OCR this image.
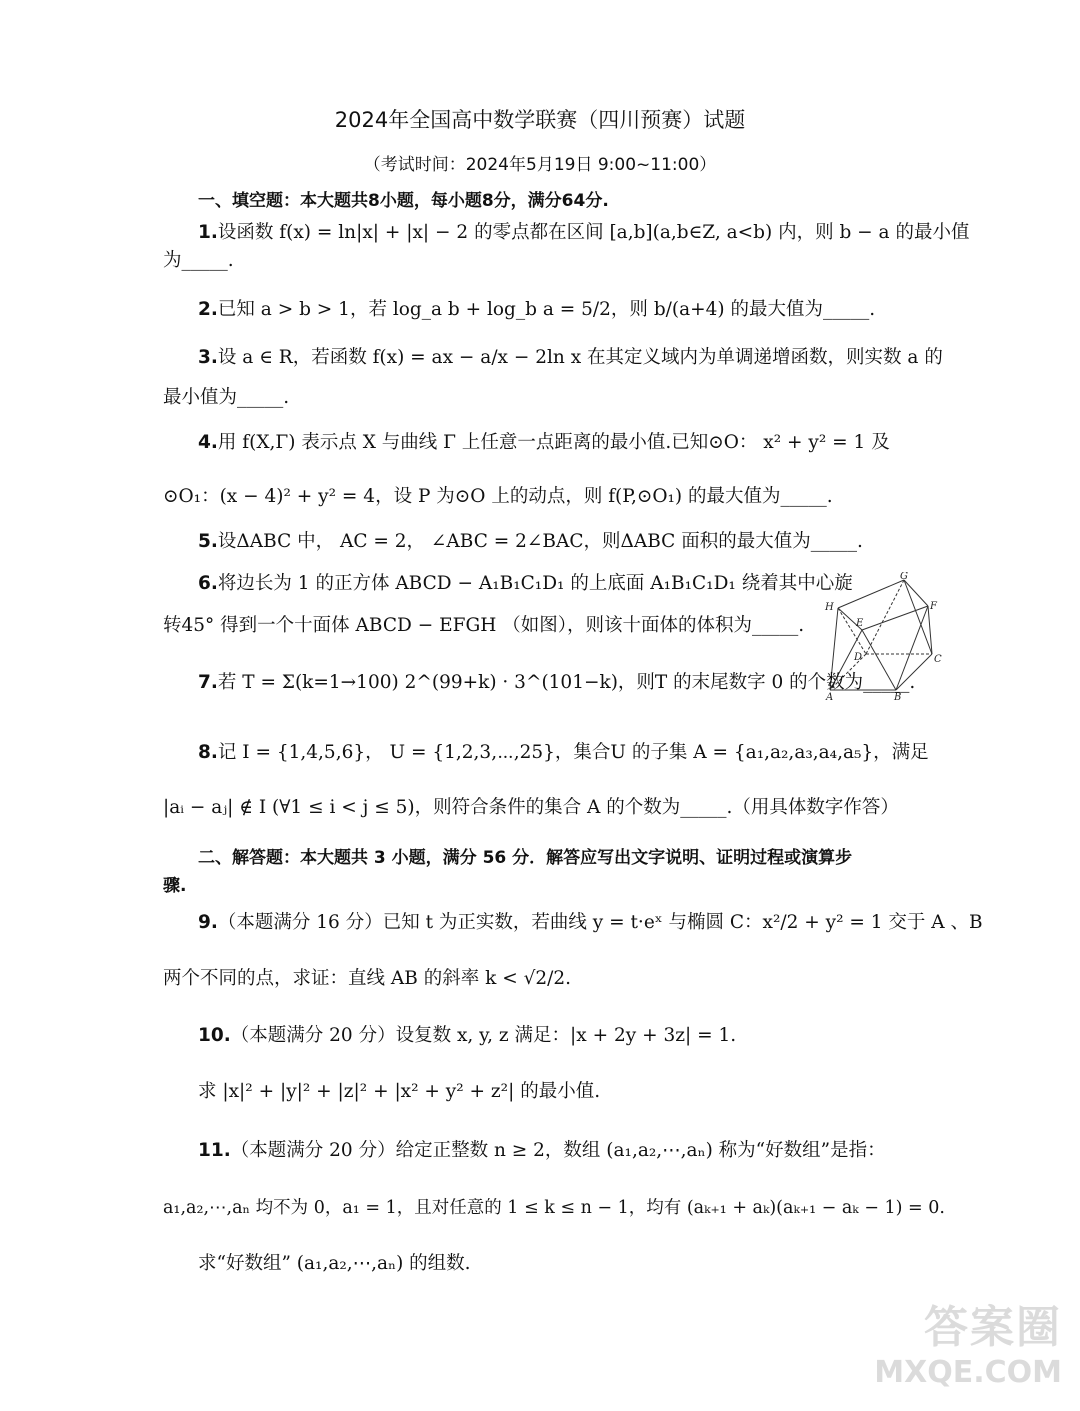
2024年全国高中数学联赛（四川预赛）试题
（考试时间：2024年5月19日 9:00~11:00）
一、填空题：本大题共8小题，每小题8分，满分64分.
1.设函数 f(x) = ln|x| + |x| − 2 的零点都在区间 [a,b](a,b∈Z, a<b) 内，则 b − a 的最小值
为_____.
2.已知 a > b > 1，若 log_a b + log_b a = 5/2，则 b/(a+4) 的最大值为_____.
3.设 a ∈ R，若函数 f(x) = ax − a/x − 2ln x 在其定义域内为单调递增函数，则实数 a 的
最小值为_____.
4.用 f(X,Γ) 表示点 X 与曲线 Γ 上任意一点距离的最小值.已知⊙O： x² + y² = 1 及
⊙O₁：(x − 4)² + y² = 4，设 P 为⊙O 上的动点，则 f(P,⊙O₁) 的最大值为_____.
5.设ΔABC 中， AC = 2， ∠ABC = 2∠BAC，则ΔABC 面积的最大值为_____.
6.将边长为 1 的正方体 ABCD − A₁B₁C₁D₁ 的上底面 A₁B₁C₁D₁ 绕着其中心旋
转45° 得到一个十面体 ABCD − EFGH （如图），则该十面体的体积为_____.
G
H	F
E
D	C
A	B
7.若 T = Σ(k=1→100) 2^(99+k) · 3^(101−k)，则T 的末尾数字 0 的个数为_____.
8.记 I = {1,4,5,6}， U = {1,2,3,⋯,25}，集合U 的子集 A = {a₁,a₂,a₃,a₄,a₅}，满足
|aᵢ − aⱼ| ∉ I (∀1 ≤ i < j ≤ 5)，则符合条件的集合 A 的个数为_____.（用具体数字作答）
二、解答题：本大题共 3 小题，满分 56 分．解答应写出文字说明、证明过程或演算步
骤.
9.（本题满分 16 分）已知 t 为正实数，若曲线 y = t·eˣ 与椭圆 C：x²/2 + y² = 1 交于 A 、B
两个不同的点，求证：直线 AB 的斜率 k < √2/2.
10.（本题满分 20 分）设复数 x, y, z 满足：|x + 2y + 3z| = 1.
求 |x|² + |y|² + |z|² + |x² + y² + z²| 的最小值.
11.（本题满分 20 分）给定正整数 n ≥ 2，数组 (a₁,a₂,⋯,aₙ) 称为“好数组”是指：
a₁,a₂,⋯,aₙ 均不为 0，a₁ = 1，且对任意的 1 ≤ k ≤ n − 1，均有 (aₖ₊₁ + aₖ)(aₖ₊₁ − aₖ − 1) = 0.
求“好数组” (a₁,a₂,⋯,aₙ) 的组数.
答案圈
MXQE.COM
